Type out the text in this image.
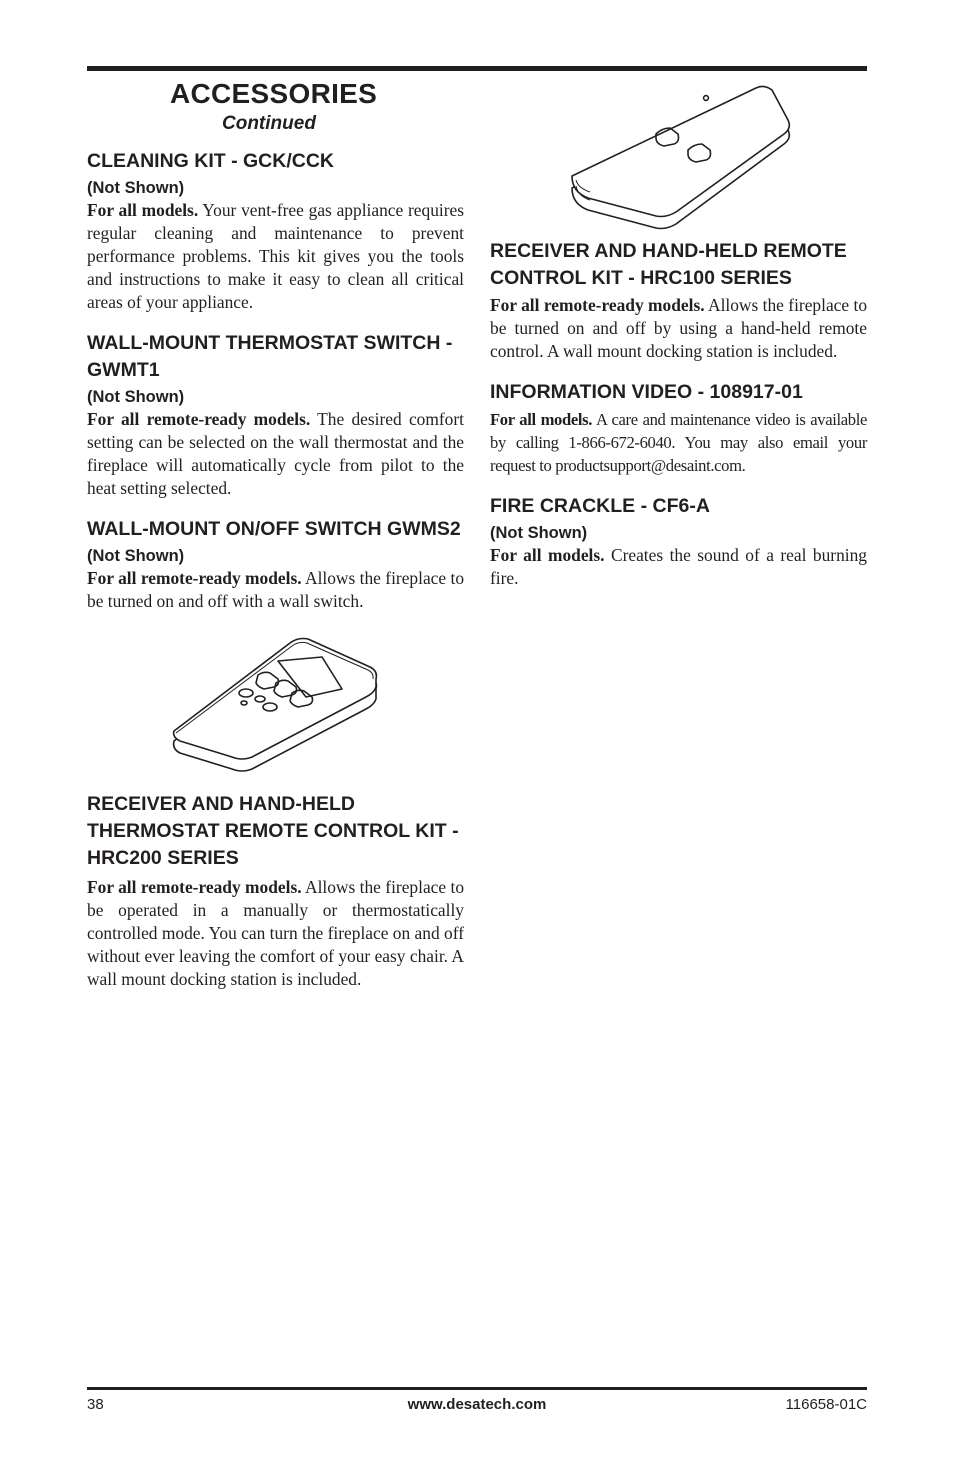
ACCESSORIES
Continued
CLEANING KIT - GCK/CCK
(Not Shown)

For all models. Your vent-free gas appliance requires regular cleaning and maintenance to prevent performance problems. This kit gives you the tools and instructions to make it easy to clean all critical areas of your appliance.

WALL-MOUNT THERMOSTAT SWITCH - GWMT1
(Not Shown)

For all remote-ready models. The desired comfort setting can be selected on the wall thermostat and the fireplace will automatically cycle from pilot to the heat setting selected.

WALL-MOUNT ON/OFF SWITCH GWMS2
(Not Shown)

For all remote-ready models. Allows the fireplace to be turned on and off with a wall switch.

RECEIVER AND HAND-HELD THERMOSTAT REMOTE CONTROL KIT - HRC200 SERIES

For all remote-ready models. Allows the fireplace to be operated in a manually or thermostatically controlled mode. You can turn the fireplace on and off without ever leaving the comfort of your easy chair. A wall mount docking station is included.

RECEIVER AND HAND-HELD REMOTE CONTROL KIT - HRC100 SERIES

For all remote-ready models. Allows the fireplace to be turned on and off by using a hand-held remote control. A wall mount docking station is included.

INFORMATION VIDEO - 108917-01

For all models. A care and maintenance video is available by calling 1-866-672-6040. You may also email your request to productsupport@desaint.com.

FIRE CRACKLE - CF6-A
(Not Shown)

For all models. Creates the sound of a real burning fire.

www.desatech.com
38	116658-01C
